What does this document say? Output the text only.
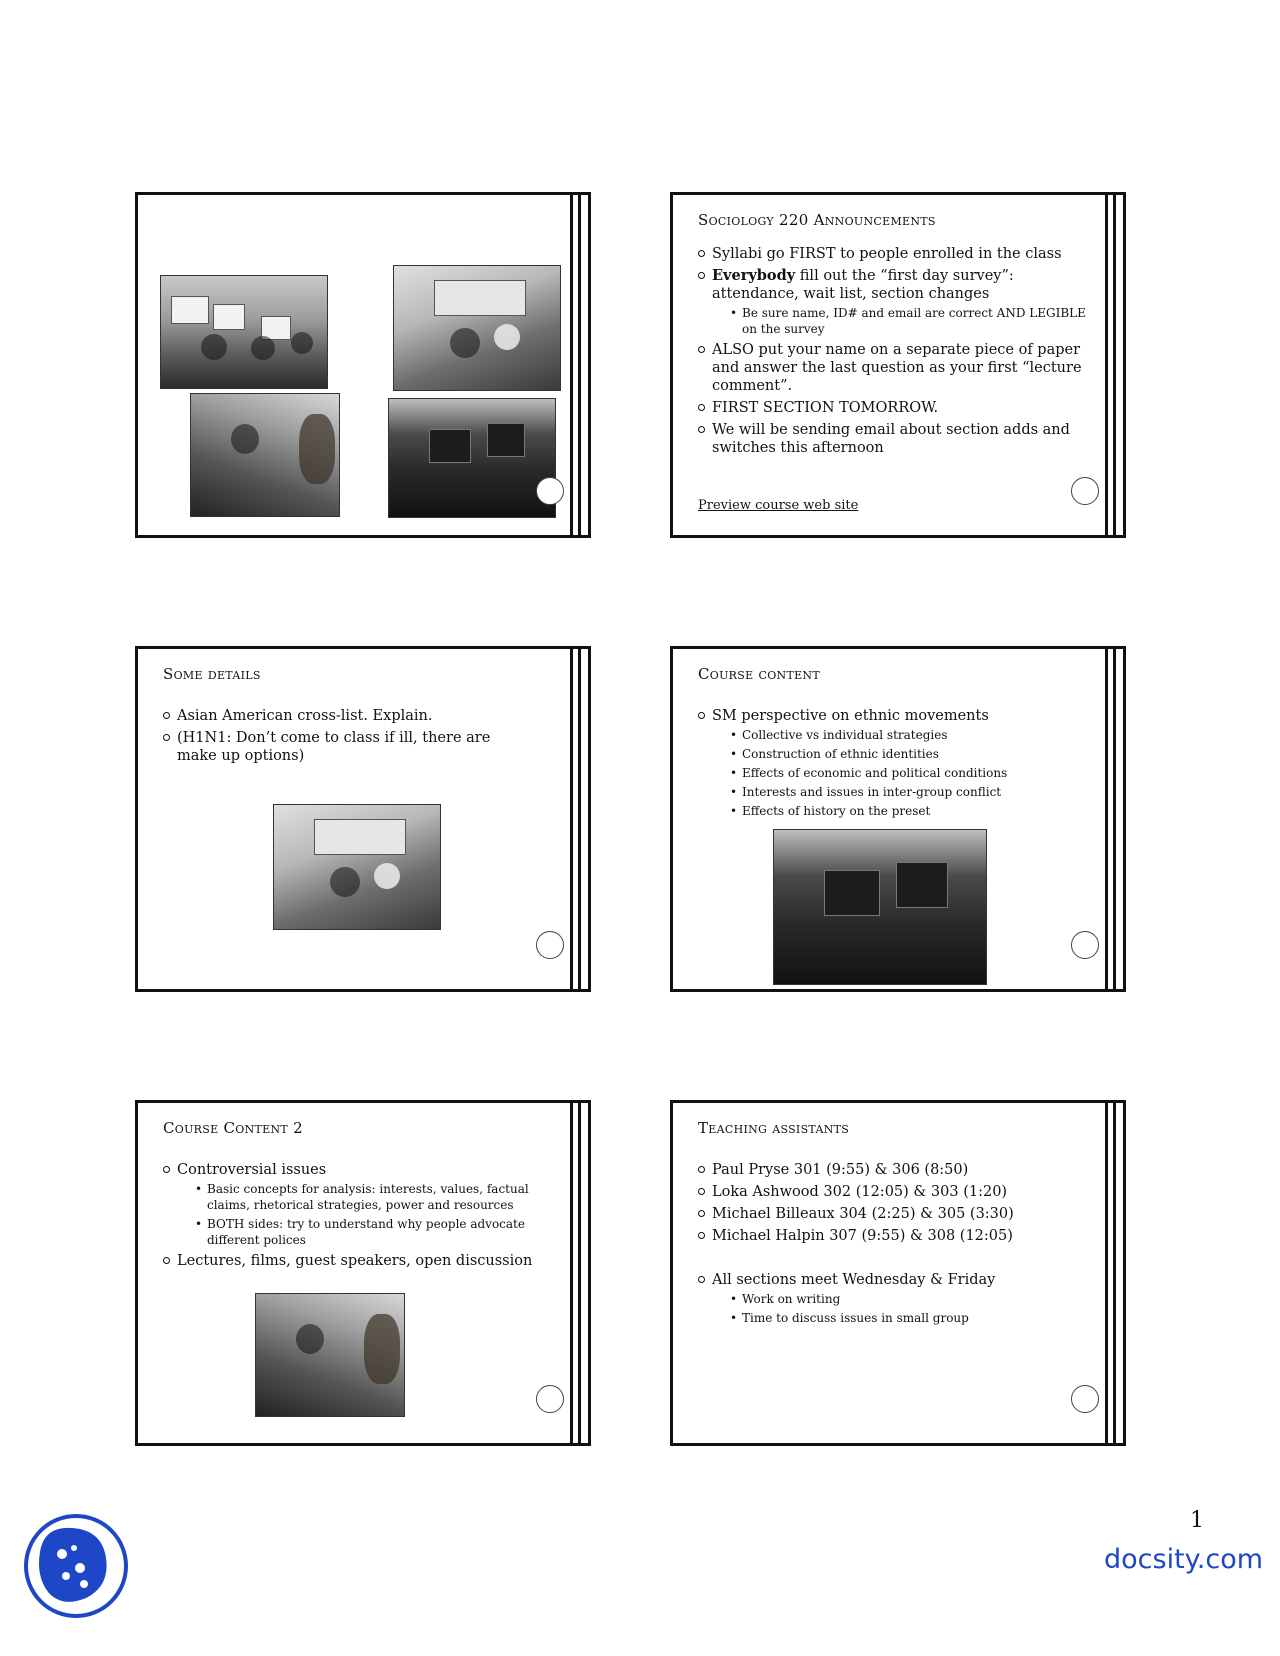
Sociology 220 Announcements
Syllabi go FIRST to people enrolled in the class
Everybody fill out the “first day survey”: attendance, wait list, section changes
• Be sure name, ID# and email are correct AND LEGIBLE on the survey
ALSO put your name on a separate piece of paper and answer the last question as your first “lecture comment”.
FIRST SECTION TOMORROW.
We will be sending email about section adds and switches this afternoon
Preview course web site
Some details
Asian American cross-list. Explain.
(H1N1: Don’t come to class if ill, there are make up options)
Course content
SM perspective on ethnic movements
• Collective vs individual strategies
• Construction of ethnic identities
• Effects of economic and political conditions
• Interests and issues in inter-group conflict
• Effects of history on the preset
Course Content 2
Controversial issues
• Basic concepts for analysis: interests, values, factual claims, rhetorical strategies, power and resources
• BOTH sides: try to understand why people advocate different polices
Lectures, films, guest speakers, open discussion
Teaching assistants
Paul Pryse 301 (9:55) & 306 (8:50)
Loka Ashwood 302 (12:05) & 303 (1:20)
Michael Billeaux 304 (2:25) & 305 (3:30)
Michael Halpin 307 (9:55) & 308 (12:05)
All sections meet Wednesday & Friday
• Work on writing
• Time to discuss issues in small group
1
docsity.com
